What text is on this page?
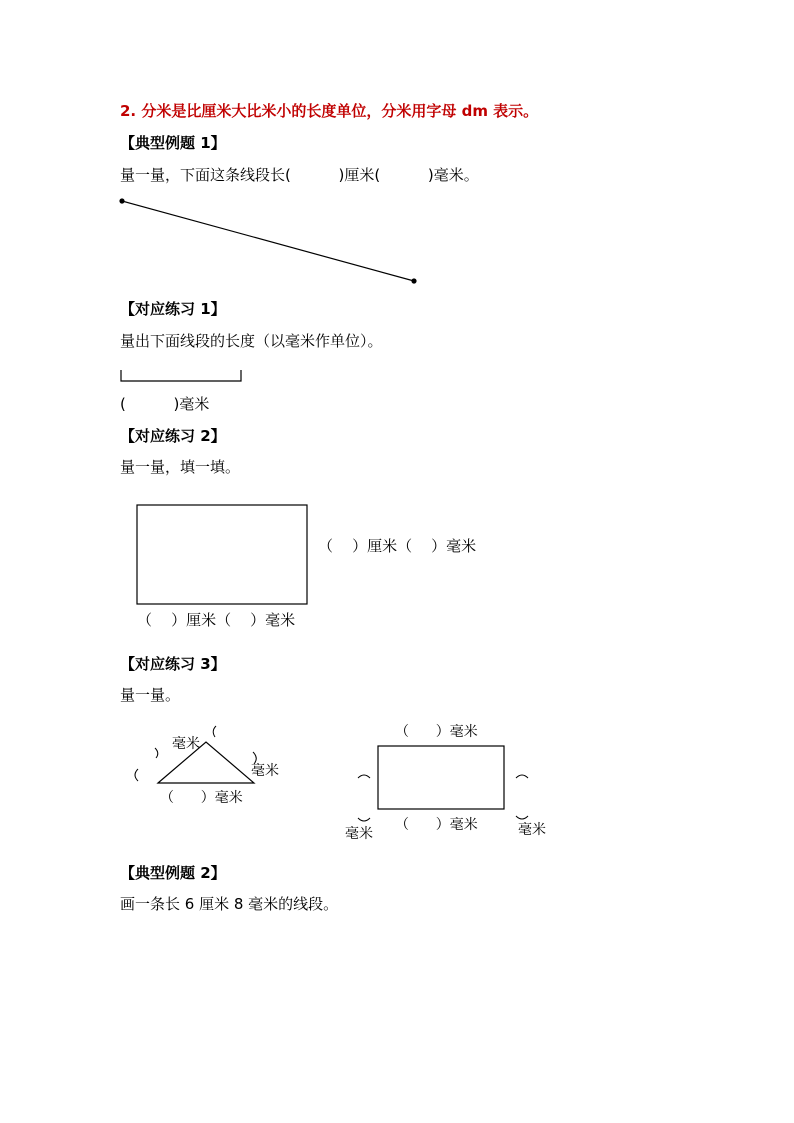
2. 分米是比厘米大比米小的长度单位，分米用字母 dm 表示。
【典型例题 1】
量一量，下面这条线段长(          )厘米(          )毫米。
【对应练习 1】
量出下面线段的长度（以毫米作单位）。
(          )毫米
【对应练习 2】
量一量，填一填。
（    ）厘米（    ）毫米
（    ）厘米（    ）毫米
【对应练习 3】
量一量。
毫米
毫米
（      ）毫米
（      ）毫米
（      ）毫米
毫米	毫米
【典型例题 2】
画一条长 6 厘米 8 毫米的线段。
